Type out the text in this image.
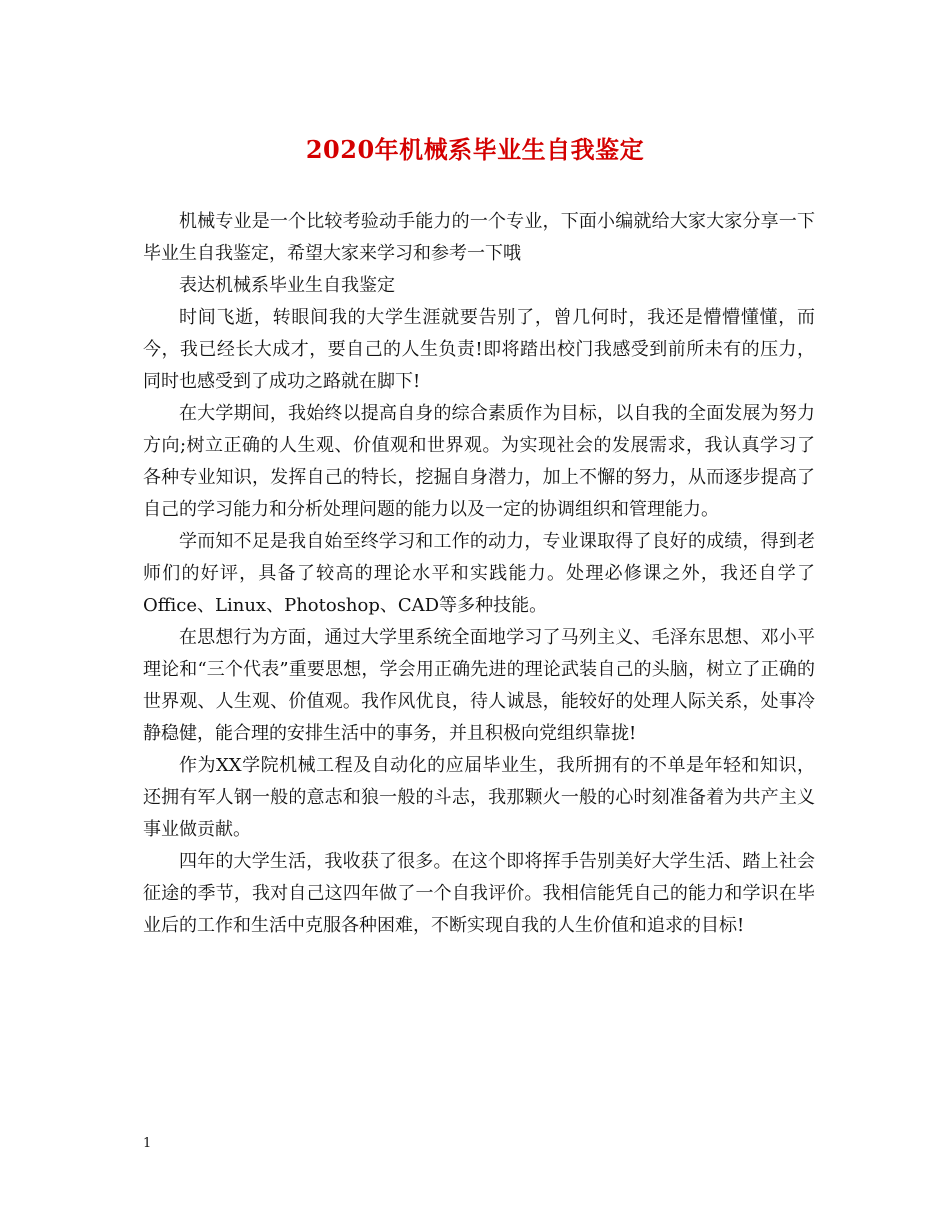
2020年机械系毕业生自我鉴定

机械专业是一个比较考验动手能力的一个专业，下面小编就给大家大家分享一下毕业生自我鉴定，希望大家来学习和参考一下哦

表达机械系毕业生自我鉴定

时间飞逝，转眼间我的大学生涯就要告别了，曾几何时，我还是懵懵懂懂，而今，我已经长大成才，要自己的人生负责!即将踏出校门我感受到前所未有的压力，同时也感受到了成功之路就在脚下!

在大学期间，我始终以提高自身的综合素质作为目标，以自我的全面发展为努力方向;树立正确的人生观、价值观和世界观。为实现社会的发展需求，我认真学习了各种专业知识，发挥自己的特长，挖掘自身潜力，加上不懈的努力，从而逐步提高了自己的学习能力和分析处理问题的能力以及一定的协调组织和管理能力。

学而知不足是我自始至终学习和工作的动力，专业课取得了良好的成绩，得到老师们的好评，具备了较高的理论水平和实践能力。处理必修课之外，我还自学了Office、Linux、Photoshop、CAD等多种技能。

在思想行为方面，通过大学里系统全面地学习了马列主义、毛泽东思想、邓小平理论和“三个代表”重要思想，学会用正确先进的理论武装自己的头脑，树立了正确的世界观、人生观、价值观。我作风优良，待人诚恳，能较好的处理人际关系，处事冷静稳健，能合理的安排生活中的事务，并且积极向党组织靠拢!

作为XX学院机械工程及自动化的应届毕业生，我所拥有的不单是年轻和知识，还拥有军人钢一般的意志和狼一般的斗志，我那颗火一般的心时刻准备着为共产主义事业做贡献。

四年的大学生活，我收获了很多。在这个即将挥手告别美好大学生活、踏上社会征途的季节，我对自己这四年做了一个自我评价。我相信能凭自己的能力和学识在毕业后的工作和生活中克服各种困难，不断实现自我的人生价值和追求的目标!

1
